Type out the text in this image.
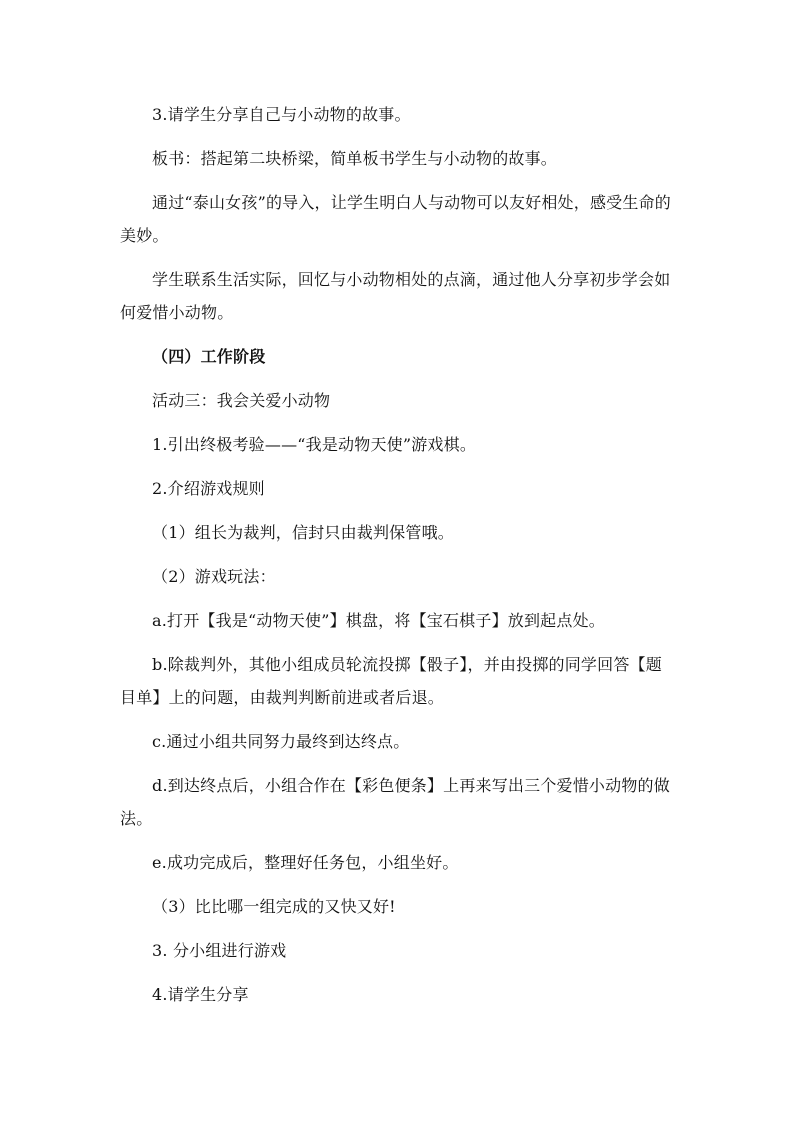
3.请学生分享自己与小动物的故事。

板书：搭起第二块桥梁，简单板书学生与小动物的故事。

通过“泰山女孩”的导入，让学生明白人与动物可以友好相处，感受生命的美妙。

学生联系生活实际，回忆与小动物相处的点滴，通过他人分享初步学会如何爱惜小动物。

（四）工作阶段

活动三：我会关爱小动物

1.引出终极考验——“我是动物天使”游戏棋。

2.介绍游戏规则

（1）组长为裁判，信封只由裁判保管哦。

（2）游戏玩法：

a.打开【我是“动物天使”】棋盘，将【宝石棋子】放到起点处。

b.除裁判外，其他小组成员轮流投掷【骰子】，并由投掷的同学回答【题目单】上的问题，由裁判判断前进或者后退。

c.通过小组共同努力最终到达终点。

d.到达终点后，小组合作在【彩色便条】上再来写出三个爱惜小动物的做法。

e.成功完成后，整理好任务包，小组坐好。

（3）比比哪一组完成的又快又好!

3. 分小组进行游戏

4.请学生分享
